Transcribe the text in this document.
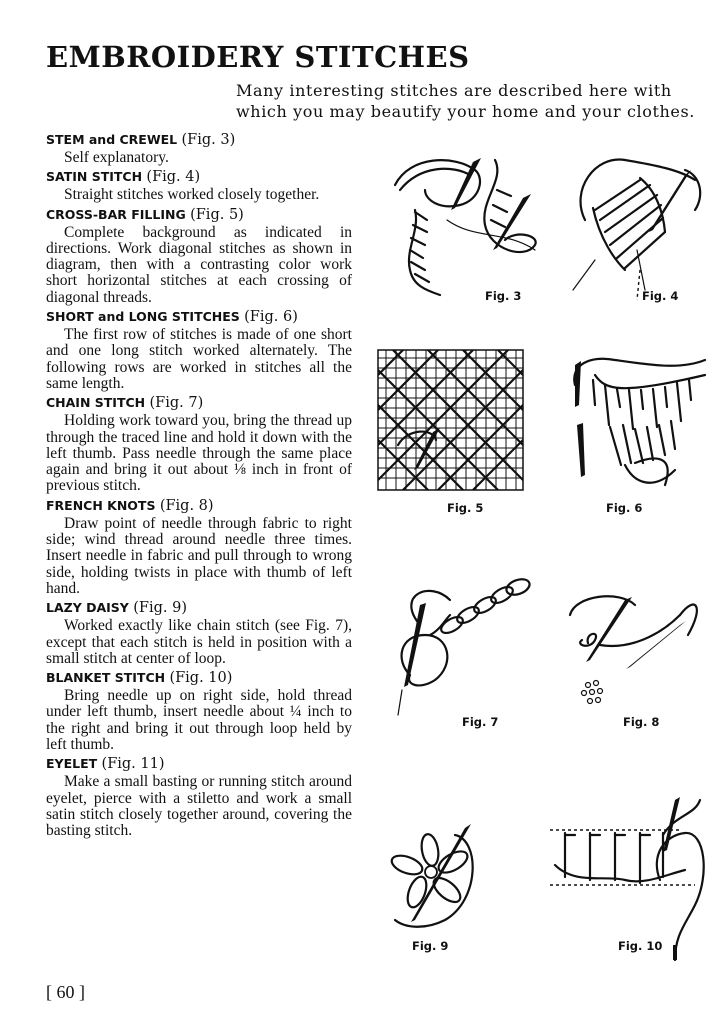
EMBROIDERY STITCHES
Many interesting stitches are described here with
which you may beautify your home and your clothes.
STEM and CREWEL (Fig. 3)

Self explanatory.

SATIN STITCH (Fig. 4)

Straight stitches worked closely together.

CROSS-BAR FILLING (Fig. 5)

Complete background as indicated in directions. Work diagonal stitches as shown in diagram, then with a contrasting color work short horizontal stitches at each crossing of diagonal threads.

SHORT and LONG STITCHES (Fig. 6)

The first row of stitches is made of one short and one long stitch worked alternately. The following rows are worked in stitches all the same length.

CHAIN STITCH (Fig. 7)

Holding work toward you, bring the thread up through the traced line and hold it down with the left thumb. Pass needle through the same place again and bring it out about ⅛ inch in front of previous stitch.

FRENCH KNOTS (Fig. 8)

Draw point of needle through fabric to right side; wind thread around needle three times. Insert needle in fabric and pull through to wrong side, holding twists in place with thumb of left hand.

LAZY DAISY (Fig. 9)

Worked exactly like chain stitch (see Fig. 7), except that each stitch is held in position with a small stitch at center of loop.

BLANKET STITCH (Fig. 10)

Bring needle up on right side, hold thread under left thumb, insert needle about ¼ inch to the right and bring it out through loop held by left thumb.

EYELET (Fig. 11)

Make a small basting or running stitch around eyelet, pierce with a stiletto and work a small satin stitch closely together around, covering the basting stitch.

Fig. 3	Fig. 4
Fig. 5	Fig. 6
Fig. 7	Fig. 8
Fig. 9	Fig. 10
[ 60 ]
